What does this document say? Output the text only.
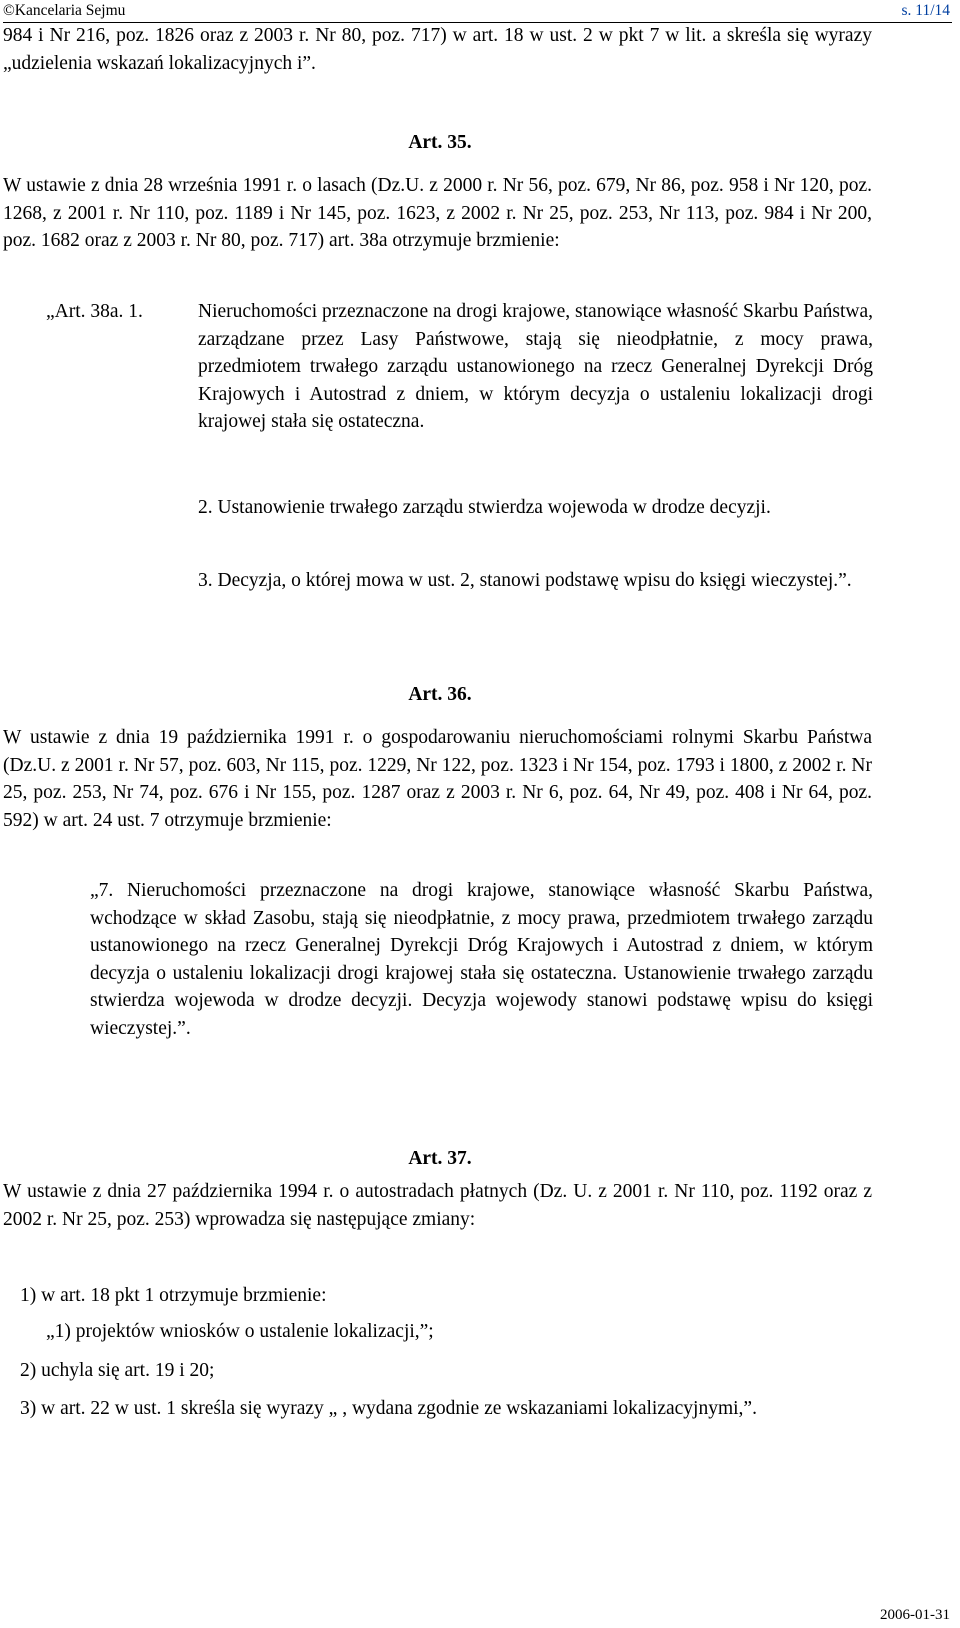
©Kancelaria Sejmu	s. 11/14

984 i Nr 216, poz. 1826 oraz z 2003 r. Nr 80, poz. 717) w art. 18 w ust. 2 w pkt 7 w lit. a skreśla się wyrazy „udzielenia wskazań lokalizacyjnych i”.

Art. 35.

W ustawie z dnia 28 września 1991 r. o lasach (Dz.U. z 2000 r. Nr 56, poz. 679, Nr 86, poz. 958 i Nr 120, poz. 1268, z 2001 r. Nr 110, poz. 1189 i Nr 145, poz. 1623, z 2002 r. Nr 25, poz. 253, Nr 113, poz. 984 i Nr 200, poz. 1682 oraz z 2003 r. Nr 80, poz. 717) art. 38a otrzymuje brzmienie:

„Art. 38a. 1.	Nieruchomości przeznaczone na drogi krajowe, stanowiące własność Skarbu Państwa, zarządzane przez Lasy Państwowe, stają się nieodpłatnie, z mocy prawa, przedmiotem trwałego zarządu ustanowionego na rzecz Generalnej Dyrekcji Dróg Krajowych i Autostrad z dniem, w którym decyzja o ustaleniu lokalizacji drogi krajowej stała się ostateczna.

2. Ustanowienie trwałego zarządu stwierdza wojewoda w drodze decyzji.

3. Decyzja, o której mowa w ust. 2, stanowi podstawę wpisu do księgi wieczystej.”.

Art. 36.

W ustawie z dnia 19 października 1991 r. o gospodarowaniu nieruchomościami rolnymi Skarbu Państwa (Dz.U. z 2001 r. Nr 57, poz. 603, Nr 115, poz. 1229, Nr 122, poz. 1323 i Nr 154, poz. 1793 i 1800, z 2002 r. Nr 25, poz. 253, Nr 74, poz. 676 i Nr 155, poz. 1287 oraz z 2003 r. Nr 6, poz. 64, Nr 49, poz. 408 i Nr 64, poz. 592) w art. 24 ust. 7 otrzymuje brzmienie:

„7. Nieruchomości przeznaczone na drogi krajowe, stanowiące własność Skarbu Państwa, wchodzące w skład Zasobu, stają się nieodpłatnie, z mocy prawa, przedmiotem trwałego zarządu ustanowionego na rzecz Generalnej Dyrekcji Dróg Krajowych i Autostrad z dniem, w którym decyzja o ustaleniu lokalizacji drogi krajowej stała się ostateczna. Ustanowienie trwałego zarządu stwierdza wojewoda w drodze decyzji. Decyzja wojewody stanowi podstawę wpisu do księgi wieczystej.”.

Art. 37.

W ustawie z dnia 27 października 1994 r. o autostradach płatnych (Dz. U. z 2001 r. Nr 110, poz. 1192 oraz z 2002 r. Nr 25, poz. 253) wprowadza się następujące zmiany:

1) w art. 18 pkt 1 otrzymuje brzmienie:

„1) projektów wniosków o ustalenie lokalizacji,”;

2) uchyla się art. 19 i 20;

3) w art. 22 w ust. 1 skreśla się wyrazy „ , wydana zgodnie ze wskazaniami lokalizacyjnymi,”.

2006-01-31
